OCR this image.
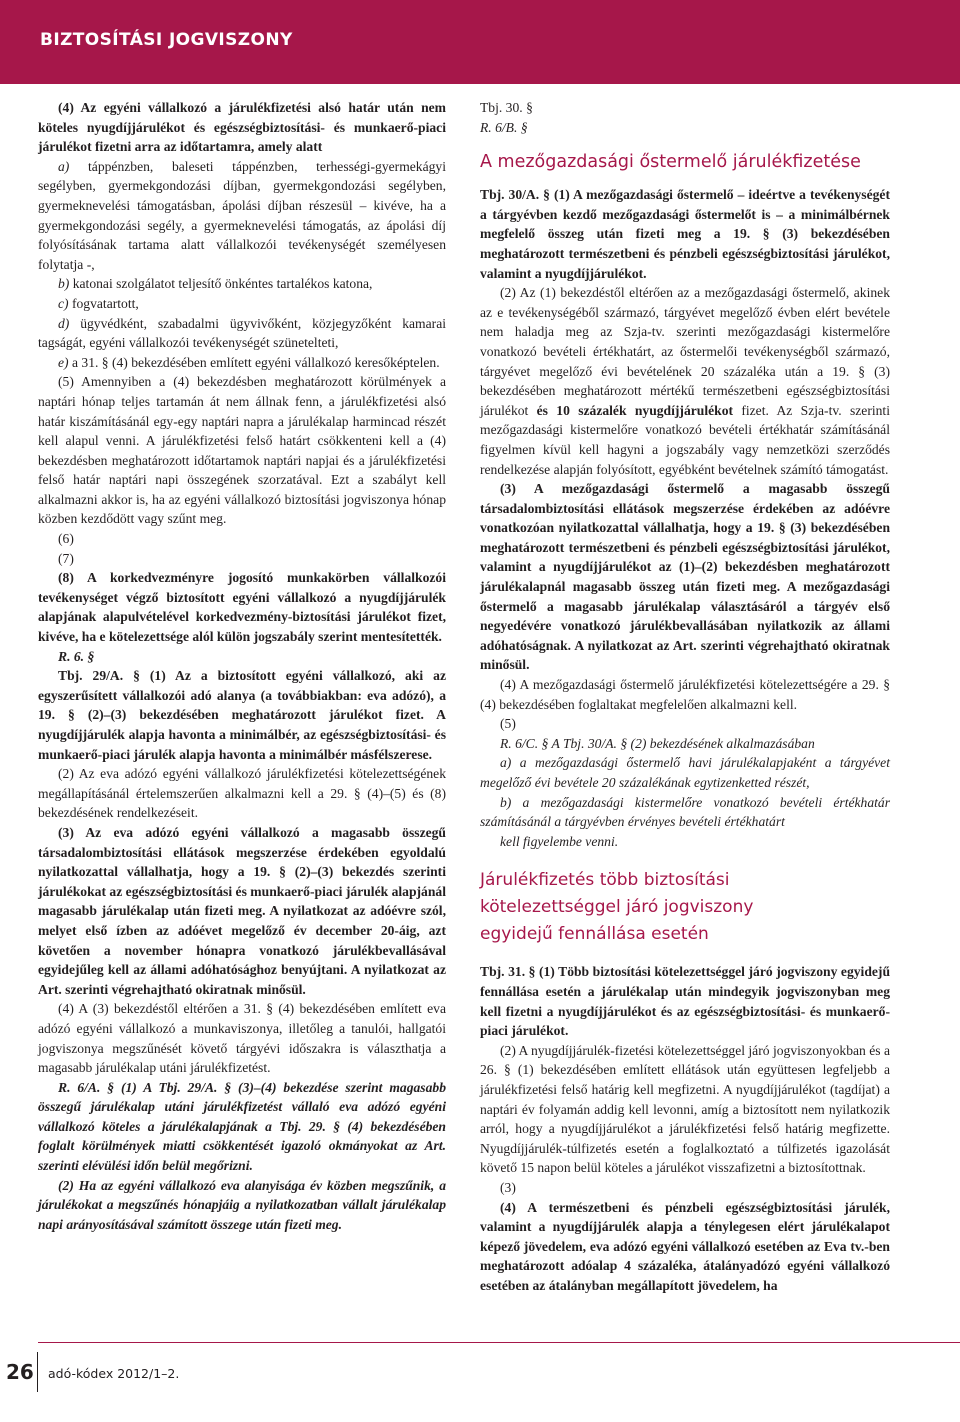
BIZTOSÍTÁSI JOGVISZONY

(4) Az egyéni vállalkozó a járulékfizetési alsó határ után nem köteles nyugdíjjárulékot és egészségbiztosítási- és munkaerő-piaci járulékot fizetni arra az időtartamra, amely alatt

a) táppénzben, baleseti táppénzben, terhességi-gyermekágyi segélyben, gyermekgondozási díjban, gyermekgondozási segélyben, gyermeknevelési támogatásban, ápolási díjban részesül – kivéve, ha a gyermekgondozási segély, a gyermeknevelési támogatás, az ápolási díj folyósításának tartama alatt vállalkozói tevékenységét személyesen folytatja -,

b) katonai szolgálatot teljesítő önkéntes tartalékos katona,

c) fogvatartott,

d) ügyvédként, szabadalmi ügyvivőként, közjegyzőként kamarai tagságát, egyéni vállalkozói tevékenységét szünetelteti,

e) a 31. § (4) bekezdésében említett egyéni vállalkozó keresőképtelen.

(5) Amennyiben a (4) bekezdésben meghatározott körülmények a naptári hónap teljes tartamán át nem állnak fenn, a járulékfizetési alsó határ kiszámításánál egy-egy naptári napra a járulékalap harmincad részét kell alapul venni. A járulékfizetési felső határt csökkenteni kell a (4) bekezdésben meghatározott időtartamok naptári napjai és a járulékfizetési felső határ naptári napi összegének szorzatával. Ezt a szabályt kell alkalmazni akkor is, ha az egyéni vállalkozó biztosítási jogviszonya hónap közben kezdődött vagy szűnt meg.

(6)

(7)

(8) A korkedvezményre jogosító munkakörben vállalkozói tevékenységet végző biztosított egyéni vállalkozó a nyugdíjjárulék alapjának alapulvételével korkedvezmény-biztosítási járulékot fizet, kivéve, ha e kötelezettsége alól külön jogszabály szerint mentesítették.

R. 6. §

Tbj. 29/A. § (1) Az a biztosított egyéni vállalkozó, aki az egyszerűsített vállalkozói adó alanya (a továbbiakban: eva adózó), a 19. § (2)–(3) bekezdésében meghatározott járulékot fizet. A nyugdíjjárulék alapja havonta a minimálbér, az egészségbiztosítási- és munkaerő-piaci járulék alapja havonta a minimálbér másfélszerese.

(2) Az eva adózó egyéni vállalkozó járulékfizetési kötelezettségének megállapításánál értelemszerűen alkalmazni kell a 29. § (4)–(5) és (8) bekezdésének rendelkezéseit.

(3) Az eva adózó egyéni vállalkozó a magasabb összegű társadalombiztosítási ellátások megszerzése érdekében egyoldalú nyilatkozattal vállalhatja, hogy a 19. § (2)–(3) bekezdés szerinti járulékokat az egészségbiztosítási és munkaerő-piaci járulék alapjánál magasabb járulékalap után fizeti meg. A nyilatkozat az adóévre szól, melyet első ízben az adóévet megelőző év december 20-áig, azt követően a november hónapra vonatkozó járulékbevallásával egyidejűleg kell az állami adóhatósághoz benyújtani. A nyilatkozat az Art. szerinti végrehajtható okiratnak minősül.

(4) A (3) bekezdéstől eltérően a 31. § (4) bekezdésében említett eva adózó egyéni vállalkozó a munkaviszonya, illetőleg a tanulói, hallgatói jogviszonya megszűnését követő tárgyévi időszakra is választhatja a magasabb járulékalap utáni járulékfizetést.

R. 6/A. § (1) A Tbj. 29/A. § (3)–(4) bekezdése szerint magasabb összegű járulékalap utáni járulékfizetést vállaló eva adózó egyéni vállalkozó köteles a járulékalapjának a Tbj. 29. § (4) bekezdésében foglalt körülmények miatti csökkentését igazoló okmányokat az Art. szerinti elévülési időn belül megőrizni.

(2) Ha az egyéni vállalkozó eva alanyisága év közben megszűnik, a járulékokat a megszűnés hónapjáig a nyilatkozatban vállalt járulékalap napi arányosításával számított összege után fizeti meg.

Tbj. 30. §

R. 6/B. §

A mezőgazdasági őstermelő járulékfizetése

Tbj. 30/A. § (1) A mezőgazdasági őstermelő – ideértve a tevékenységét a tárgyévben kezdő mezőgazdasági őstermelőt is – a minimálbérnek megfelelő összeg után fizeti meg a 19. § (3) bekezdésében meghatározott természetbeni és pénzbeli egészségbiztosítási járulékot, valamint a nyugdíjjárulékot.

(2) Az (1) bekezdéstől eltérően az a mezőgazdasági őstermelő, akinek az e tevékenységéből származó, tárgyévet megelőző évben elért bevétele nem haladja meg az Szja-tv. szerinti mezőgazdasági kistermelőre vonatkozó bevételi értékhatárt, az őstermelői tevékenységből származó, tárgyévet megelőző évi bevételének 20 százaléka után a 19. § (3) bekezdésében meghatározott mértékű természetbeni egészségbiztosítási járulékot és 10 százalék nyugdíjjárulékot fizet. Az Szja-tv. szerinti mezőgazdasági kistermelőre vonatkozó bevételi értékhatár számításánál figyelmen kívül kell hagyni a jogszabály vagy nemzetközi szerződés rendelkezése alapján folyósított, egyébként bevételnek számító támogatást.

(3) A mezőgazdasági őstermelő a magasabb összegű társadalombiztosítási ellátások megszerzése érdekében az adóévre vonatkozóan nyilatkozattal vállalhatja, hogy a 19. § (3) bekezdésében meghatározott természetbeni és pénzbeli egészségbiztosítási járulékot, valamint a nyugdíjjárulékot az (1)–(2) bekezdésben meghatározott járulékalapnál magasabb összeg után fizeti meg. A mezőgazdasági őstermelő a magasabb járulékalap választásáról a tárgyév első negyedévére vonatkozó járulékbevallásában nyilatkozik az állami adóhatóságnak. A nyilatkozat az Art. szerinti végrehajtható okiratnak minősül.

(4) A mezőgazdasági őstermelő járulékfizetési kötelezettségére a 29. § (4) bekezdésében foglaltakat megfelelően alkalmazni kell.

(5)

R. 6/C. § A Tbj. 30/A. § (2) bekezdésének alkalmazásában

a) a mezőgazdasági őstermelő havi járulékalapjaként a tárgyévet megelőző évi bevétele 20 százalékának egytizenketted részét,

b) a mezőgazdasági kistermelőre vonatkozó bevételi értékhatár számításánál a tárgyévben érvényes bevételi értékhatárt

kell figyelembe venni.

Járulékfizetés több biztosítási
kötelezettséggel járó jogviszony
egyidejű fennállása esetén

Tbj. 31. § (1) Több biztosítási kötelezettséggel járó jogviszony egyidejű fennállása esetén a járulékalap után mindegyik jogviszonyban meg kell fizetni a nyugdíjjárulékot és az egészségbiztosítási- és munkaerő-piaci járulékot.

(2) A nyugdíjjárulék-fizetési kötelezettséggel járó jogviszonyokban és a 26. § (1) bekezdésében említett ellátások után együttesen legfeljebb a járulékfizetési felső határig kell megfizetni. A nyugdíjjárulékot (tagdíjat) a naptári év folyamán addig kell levonni, amíg a biztosított nem nyilatkozik arról, hogy a nyugdíjjárulékot a járulékfizetési felső határig megfizette. Nyugdíjjárulék-túlfizetés esetén a foglalkoztató a túlfizetés igazolását követő 15 napon belül köteles a járulékot visszafizetni a biztosítottnak.

(3)

(4) A természetbeni és pénzbeli egészségbiztosítási járulék, valamint a nyugdíjjárulék alapja a ténylegesen elért járulékalapot képező jövedelem, eva adózó egyéni vállalkozó esetében az Eva tv.-ben meghatározott adóalap 4 százaléka, átalányadózó egyéni vállalkozó esetében az átalányban megállapított jövedelem, ha

26 adó-kódex 2012/1–2.
